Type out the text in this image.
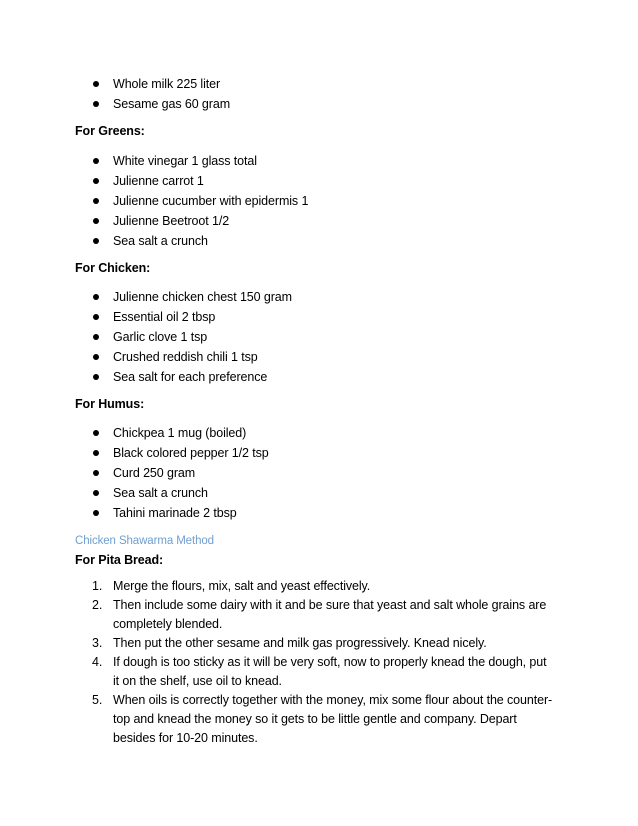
Whole milk 225 liter
Sesame gas 60 gram
For Greens:
White vinegar 1 glass total
Julienne carrot 1
Julienne cucumber with epidermis 1
Julienne Beetroot 1/2
Sea salt a crunch
For Chicken:
Julienne chicken chest 150 gram
Essential oil 2 tbsp
Garlic clove 1 tsp
Crushed reddish chili 1 tsp
Sea salt for each preference
For Humus:
Chickpea 1 mug (boiled)
Black colored pepper 1/2 tsp
Curd 250 gram
Sea salt a crunch
Tahini marinade 2 tbsp
Chicken Shawarma Method
For Pita Bread:
1. Merge the flours, mix, salt and yeast effectively.
2. Then include some dairy with it and be sure that yeast and salt whole grains are completely blended.
3. Then put the other sesame and milk gas progressively. Knead nicely.
4. If dough is too sticky as it will be very soft, now to properly knead the dough, put it on the shelf, use oil to knead.
5. When oils is correctly together with the money, mix some flour about the counter-top and knead the money so it gets to be little gentle and company. Depart besides for 10-20 minutes.
